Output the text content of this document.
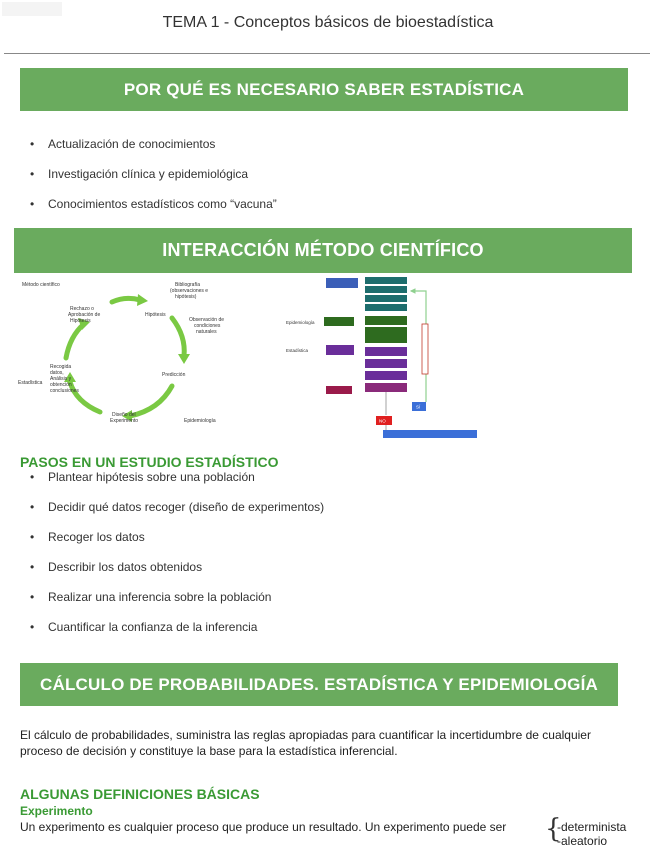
TEMA 1 - Conceptos básicos de bioestadística
POR QUÉ ES NECESARIO SABER ESTADÍSTICA
• Actualización de conocimientos
• Investigación clínica y epidemiológica
• Conocimientos estadísticos como “vacuna”
INTERACCIÓN MÉTODO CIENTÍFICO
Método científico	Bibliografía (observaciones e hipótesis)
Hipótesis
Observación de condiciones naturales
Predicción
Epidemiología
Diseño del Experimento
Recogida datos, Análisis y obtención conclusiones
Estadística
Rechazo o Aprobación de Hipótesis	Epidemiología
Estadística
SÍ
NO
PASOS EN UN ESTUDIO ESTADÍSTICO
• Plantear hipótesis sobre una población
• Decidir qué datos recoger (diseño de experimentos)
• Recoger los datos
• Describir los datos obtenidos
• Realizar una inferencia sobre la población
• Cuantificar la confianza de la inferencia
CÁLCULO DE PROBABILIDADES. ESTADÍSTICA Y EPIDEMIOLOGÍA
El cálculo de probabilidades, suministra las reglas apropiadas para cuantificar la incertidumbre de cualquier proceso de decisión y constituye la base para la estadística inferencial.
ALGUNAS DEFINICIONES BÁSICAS
Experimento
Un experimento es cualquier proceso que produce un resultado. Un experimento puede ser {
-determinista
-aleatorio
